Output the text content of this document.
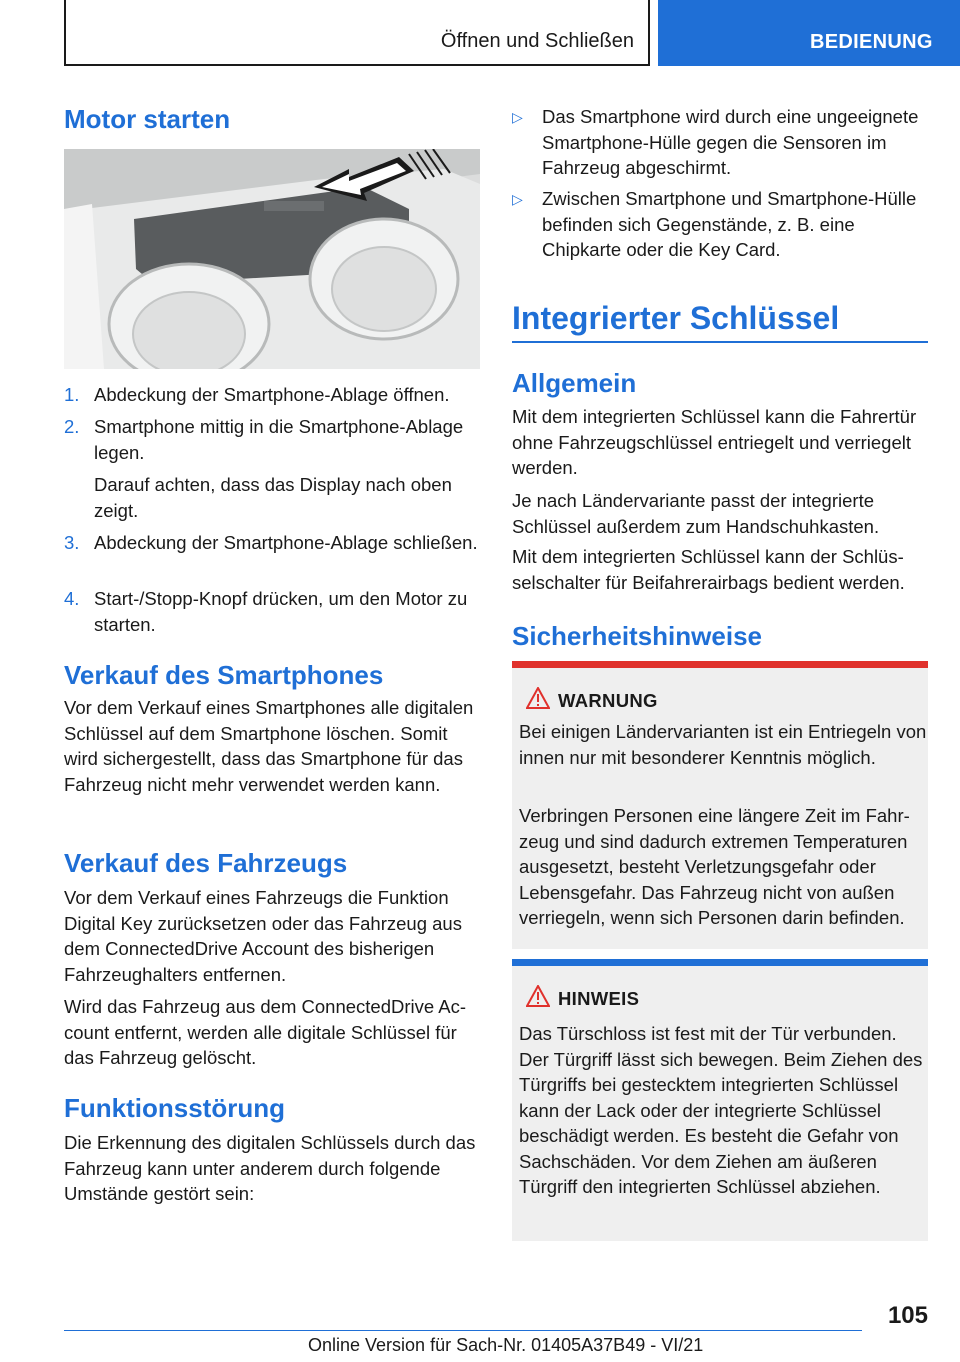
Öffnen und Schließen	BEDIENUNG
Motor starten
1. Abdeckung der Smartphone-Ablage öffnen.
2. Smartphone mittig in die Smartphone-Ablage legen.
Darauf achten, dass das Display nach oben zeigt.
3. Abdeckung der Smartphone-Ablage schließen.
4. Start-/Stopp-Knopf drücken, um den Motor zu starten.
Verkauf des Smartphones
Vor dem Verkauf eines Smartphones alle digitalen Schlüssel auf dem Smartphone löschen. Somit wird sichergestellt, dass das Smartphone für das Fahrzeug nicht mehr verwendet werden kann.
Verkauf des Fahrzeugs
Vor dem Verkauf eines Fahrzeugs die Funktion Digital Key zurücksetzen oder das Fahrzeug aus dem ConnectedDrive Account des bisherigen Fahrzeughalters entfernen.
Wird das Fahrzeug aus dem ConnectedDrive Account entfernt, werden alle digitale Schlüssel für das Fahrzeug gelöscht.
Funktionsstörung
Die Erkennung des digitalen Schlüssels durch das Fahrzeug kann unter anderem durch folgende Umstände gestört sein:
▷ Das Smartphone wird durch eine ungeeignete Smartphone-Hülle gegen die Sensoren im Fahrzeug abgeschirmt.
▷ Zwischen Smartphone und Smartphone-Hülle befinden sich Gegenstände, z. B. eine Chipkarte oder die Key Card.
Integrierter Schlüssel
Allgemein
Mit dem integrierten Schlüssel kann die Fahrertür ohne Fahrzeugschlüssel entriegelt und verriegelt werden.
Je nach Ländervariante passt der integrierte Schlüssel außerdem zum Handschuhkasten.
Mit dem integrierten Schlüssel kann der Schlüsselschalter für Beifahrerairbags bedient werden.
Sicherheitshinweise
WARNUNG
Bei einigen Ländervarianten ist ein Entriegeln von innen nur mit besonderer Kenntnis möglich.
Verbringen Personen eine längere Zeit im Fahrzeug und sind dadurch extremen Temperaturen ausgesetzt, besteht Verletzungsgefahr oder Lebensgefahr. Das Fahrzeug nicht von außen verriegeln, wenn sich Personen darin befinden.
HINWEIS
Das Türschloss ist fest mit der Tür verbunden. Der Türgriff lässt sich bewegen. Beim Ziehen des Türgriffs bei gestecktem integrierten Schlüssel kann der Lack oder der integrierte Schlüssel beschädigt werden. Es besteht die Gefahr von Sachschäden. Vor dem Ziehen am äußeren Türgriff den integrierten Schlüssel abziehen.
105
Online Version für Sach-Nr. 01405A37B49 - VI/21
